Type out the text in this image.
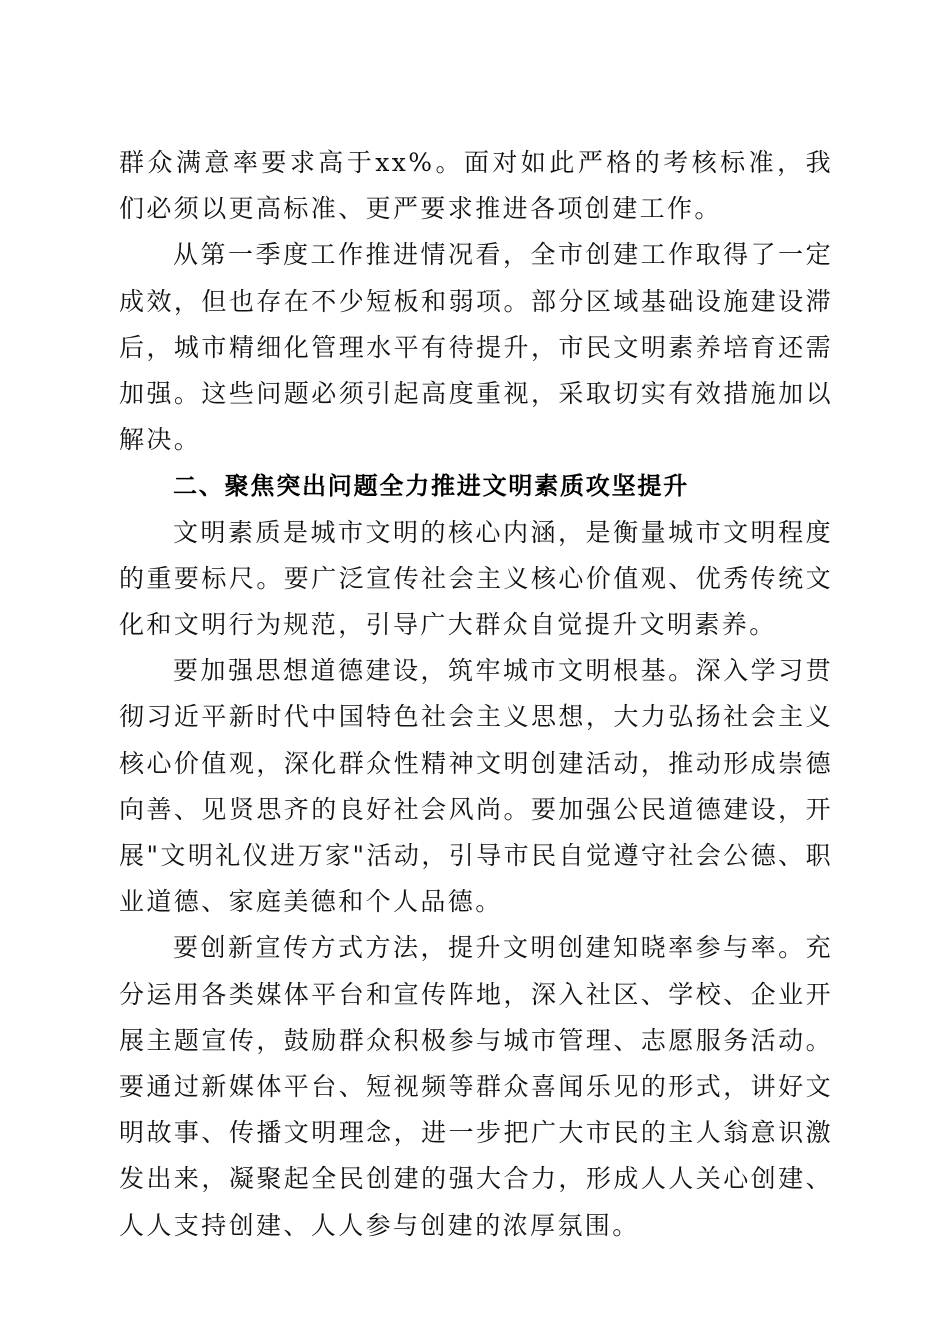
群众满意率要求高于xx%。面对如此严格的考核标准，我们必须以更高标准、更严要求推进各项创建工作。

从第一季度工作推进情况看，全市创建工作取得了一定成效，但也存在不少短板和弱项。部分区域基础设施建设滞后，城市精细化管理水平有待提升，市民文明素养培育还需加强。这些问题必须引起高度重视，采取切实有效措施加以解决。

二、聚焦突出问题全力推进文明素质攻坚提升

文明素质是城市文明的核心内涵，是衡量城市文明程度的重要标尺。要广泛宣传社会主义核心价值观、优秀传统文化和文明行为规范，引导广大群众自觉提升文明素养。

要加强思想道德建设，筑牢城市文明根基。深入学习贯彻习近平新时代中国特色社会主义思想，大力弘扬社会主义核心价值观，深化群众性精神文明创建活动，推动形成崇德向善、见贤思齐的良好社会风尚。要加强公民道德建设，开展"文明礼仪进万家"活动，引导市民自觉遵守社会公德、职业道德、家庭美德和个人品德。

要创新宣传方式方法，提升文明创建知晓率参与率。充分运用各类媒体平台和宣传阵地，深入社区、学校、企业开展主题宣传，鼓励群众积极参与城市管理、志愿服务活动。要通过新媒体平台、短视频等群众喜闻乐见的形式，讲好文明故事、传播文明理念，进一步把广大市民的主人翁意识激发出来，凝聚起全民创建的强大合力，形成人人关心创建、人人支持创建、人人参与创建的浓厚氛围。
